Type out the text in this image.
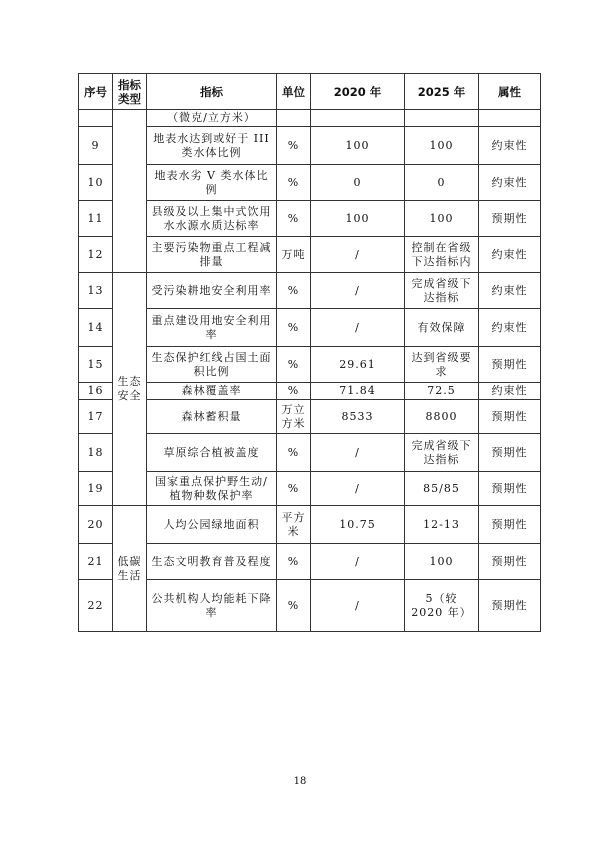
序号	指标类型	指标	单位	2020 年	2025 年	属性
		（微克/立方米）				
9		地表水达到或好于 III 类水体比例	%	100	100	约束性
10		地表水劣 V 类水体比例	%	0	0	约束性
11		县级及以上集中式饮用水水源水质达标率	%	100	100	预期性
12		主要污染物重点工程减排量	万吨	/	控制在省级下达指标内	约束性
13	生态安全	受污染耕地安全利用率	%	/	完成省级下达指标	约束性
14		重点建设用地安全利用率	%	/	有效保障	约束性
15		生态保护红线占国土面积比例	%	29.61	达到省级要求	预期性
16		森林覆盖率	%	71.84	72.5	约束性
17		森林蓄积量	万立方米	8533	8800	预期性
18		草原综合植被盖度	%	/	完成省级下达指标	预期性
19		国家重点保护野生动/植物种数保护率	%	/	85/85	预期性
20	低碳生活	人均公园绿地面积	平方米	10.75	12-13	预期性
21		生态文明教育普及程度	%	/	100	预期性
22		公共机构人均能耗下降率	%	/	5（较 2020 年）	预期性
18
